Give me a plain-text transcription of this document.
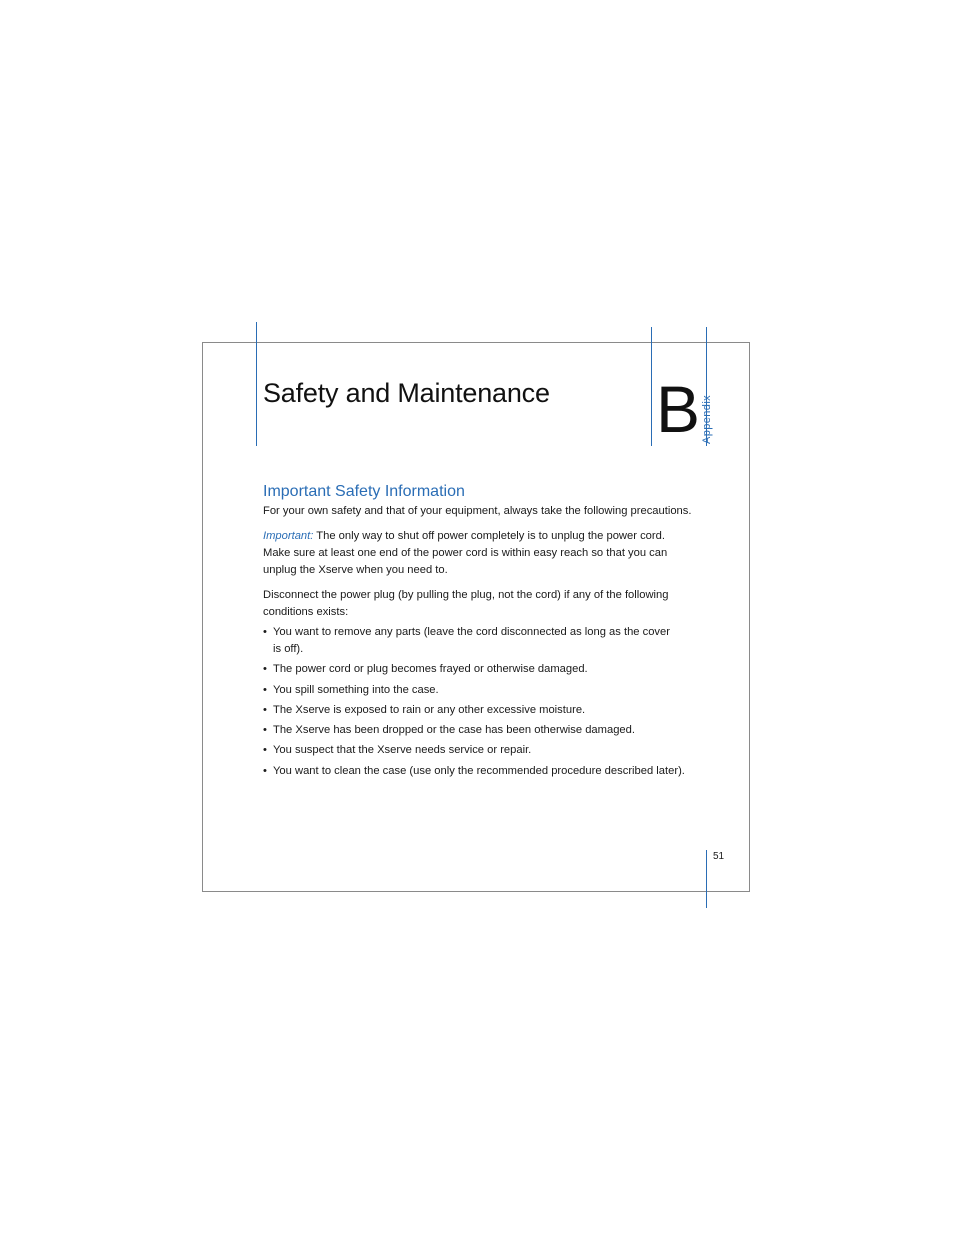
Safety and Maintenance B Appendix
Important Safety Information

For your own safety and that of your equipment, always take the following precautions.

Important: The only way to shut off power completely is to unplug the power cord.
Make sure at least one end of the power cord is within easy reach so that you can
unplug the Xserve when you need to.

Disconnect the power plug (by pulling the plug, not the cord) if any of the following
conditions exists:

• You want to remove any parts (leave the cord disconnected as long as the cover
is off).
• The power cord or plug becomes frayed or otherwise damaged.
• You spill something into the case.
• The Xserve is exposed to rain or any other excessive moisture.
• The Xserve has been dropped or the case has been otherwise damaged.
• You suspect that the Xserve needs service or repair.
• You want to clean the case (use only the recommended procedure described later).
51
